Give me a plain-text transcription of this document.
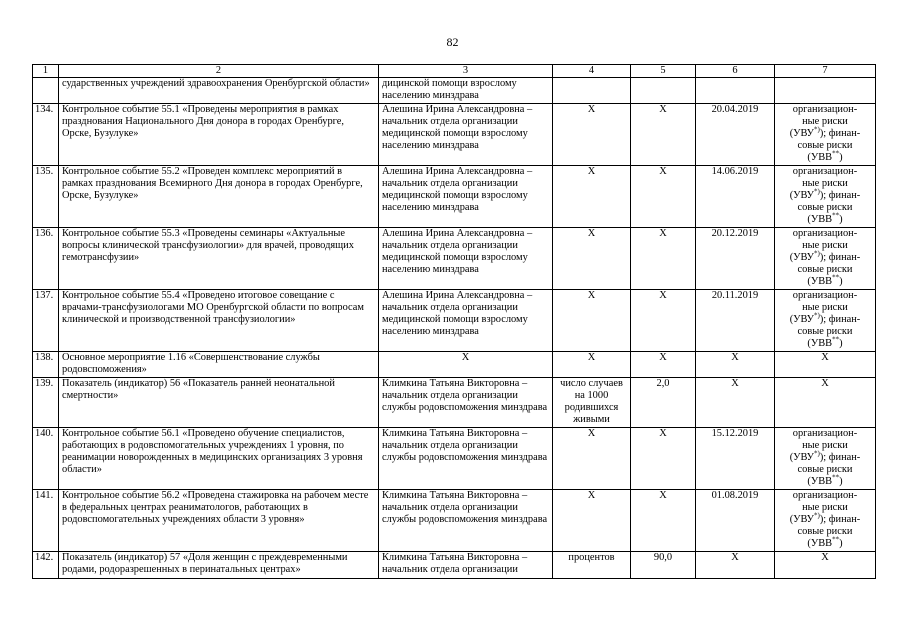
82
1	2	3	4	5	6	7
	сударственных учреждений здравоохранения Оренбургской области»	дицинской помощи взрослому населению минздрава				
134.	Контрольное событие 55.1 «Проведены мероприятия в рамках празднования Национального Дня донора в городах Оренбурге, Орске, Бузулуке»	Алешина Ирина Александровна – начальник отдела организации медицинской помощи взрослому населению минздрава	X	X	20.04.2019	организацион-
ные риски
(УВУ*)); финан-
совые риски
(УВВ**)

135.	Контрольное событие 55.2 «Проведен комплекс мероприятий в рамках празднования Всемирного Дня донора в городах Оренбурге, Орске, Бузулуке»	Алешина Ирина Александровна – начальник отдела организации медицинской помощи взрослому населению минздрава	X	X	14.06.2019	организацион-
ные риски
(УВУ*)); финан-
совые риски
(УВВ**)

136.	Контрольное событие 55.3 «Проведены семинары «Актуальные вопросы клинической трансфузиологии» для врачей, проводящих гемотрансфузии»	Алешина Ирина Александровна – начальник отдела организации медицинской помощи взрослому населению минздрава	X	X	20.12.2019	организацион-
ные риски
(УВУ*)); финан-
совые риски
(УВВ**)

137.	Контрольное событие 55.4 «Проведено итоговое совещание с врачами-трансфузиологами МО Оренбургской области по вопросам клинической и производственной трансфузиологии»	Алешина Ирина Александровна – начальник отдела организации медицинской помощи взрослому населению минздрава	X	X	20.11.2019	организацион-
ные риски
(УВУ*)); финан-
совые риски
(УВВ**)

138.	Основное мероприятие 1.16 «Совершенствование службы родовспоможения»	X	X	X	X	X
139.	Показатель (индикатор) 56 «Показатель ранней неонатальной смертности»	Климкина Татьяна Викторовна – начальник отдела организации службы родовспоможения минздрава	число случаев на 1000 родившихся живыми	2,0	X	X
140.	Контрольное событие 56.1 «Проведено обучение специалистов, работающих в родовспомогательных учреждениях 1 уровня, по реанимации новорожденных в медицинских организациях 3 уровня области»	Климкина Татьяна Викторовна – начальник отдела организации службы родовспоможения минздрава	X	X	15.12.2019	организацион-
ные риски
(УВУ*)); финан-
совые риски
(УВВ**)

141.	Контрольное событие 56.2 «Проведена стажировка на рабочем месте в федеральных центрах реаниматологов, работающих в родовспомогательных учреждениях области 3 уровня»	Климкина Татьяна Викторовна – начальник отдела организации службы родовспоможения минздрава	X	X	01.08.2019	организацион-
ные риски
(УВУ*)); финан-
совые риски
(УВВ**)

142.	Показатель (индикатор) 57 «Доля женщин с преждевременными родами, родоразрешенных в перинатальных центрах»	Климкина Татьяна Викторовна – начальник отдела организации	процентов	90,0	X	X
